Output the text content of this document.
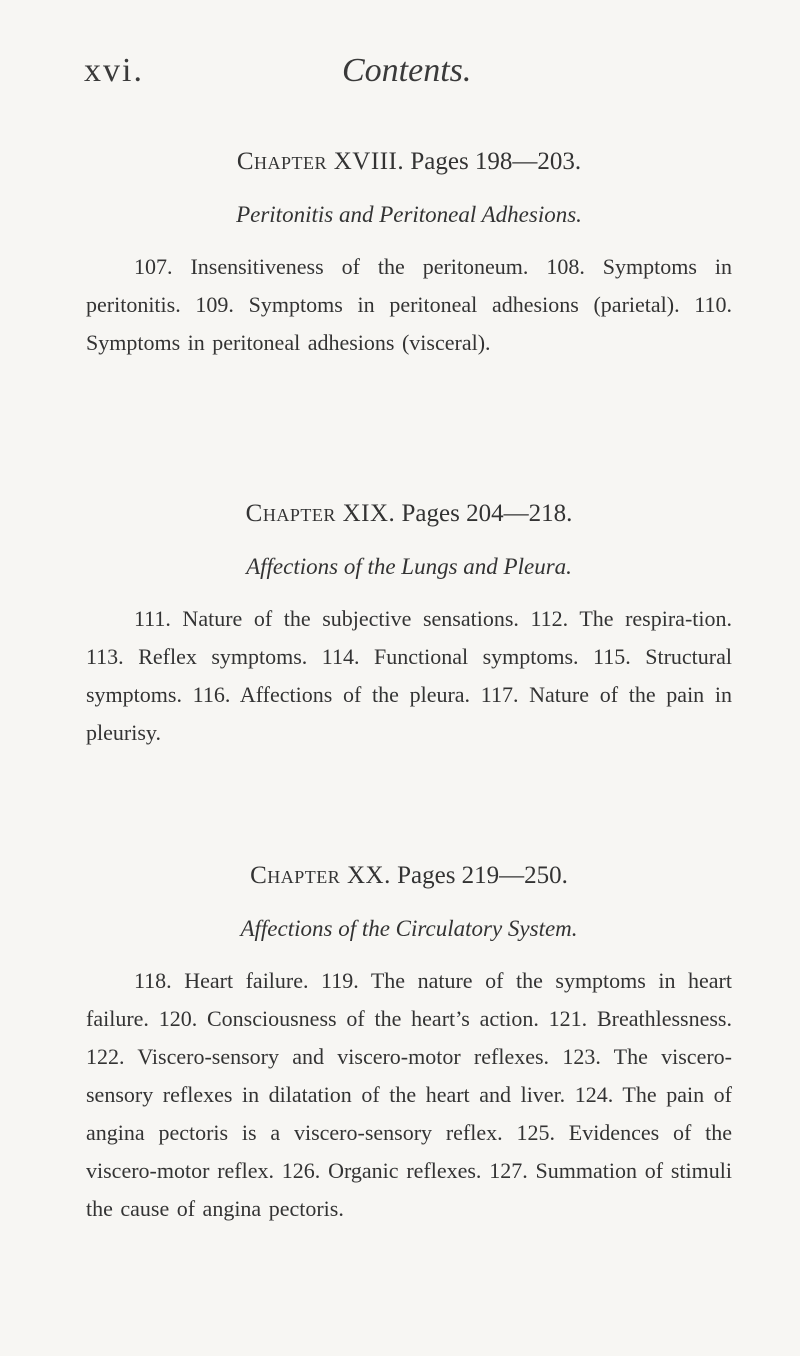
xvi.	Contents.

Chapter XVIII. Pages 198—203.

Peritonitis and Peritoneal Adhesions.

107. Insensitiveness of the peritoneum. 108. Symptoms in peritonitis. 109. Symptoms in peritoneal adhesions (parietal). 110. Symptoms in peritoneal adhesions (visceral).

Chapter XIX. Pages 204—218.

Affections of the Lungs and Pleura.

111. Nature of the subjective sensations. 112. The respira-tion. 113. Reflex symptoms. 114. Functional symptoms. 115. Structural symptoms. 116. Affections of the pleura. 117. Nature of the pain in pleurisy.

Chapter XX. Pages 219—250.

Affections of the Circulatory System.

118. Heart failure. 119. The nature of the symptoms in heart failure. 120. Consciousness of the heart’s action. 121. Breathlessness. 122. Viscero-sensory and viscero-motor reflexes. 123. The viscero-sensory reflexes in dilatation of the heart and liver. 124. The pain of angina pectoris is a viscero-sensory reflex. 125. Evidences of the viscero-motor reflex. 126. Organic reflexes. 127. Summation of stimuli the cause of angina pectoris.
